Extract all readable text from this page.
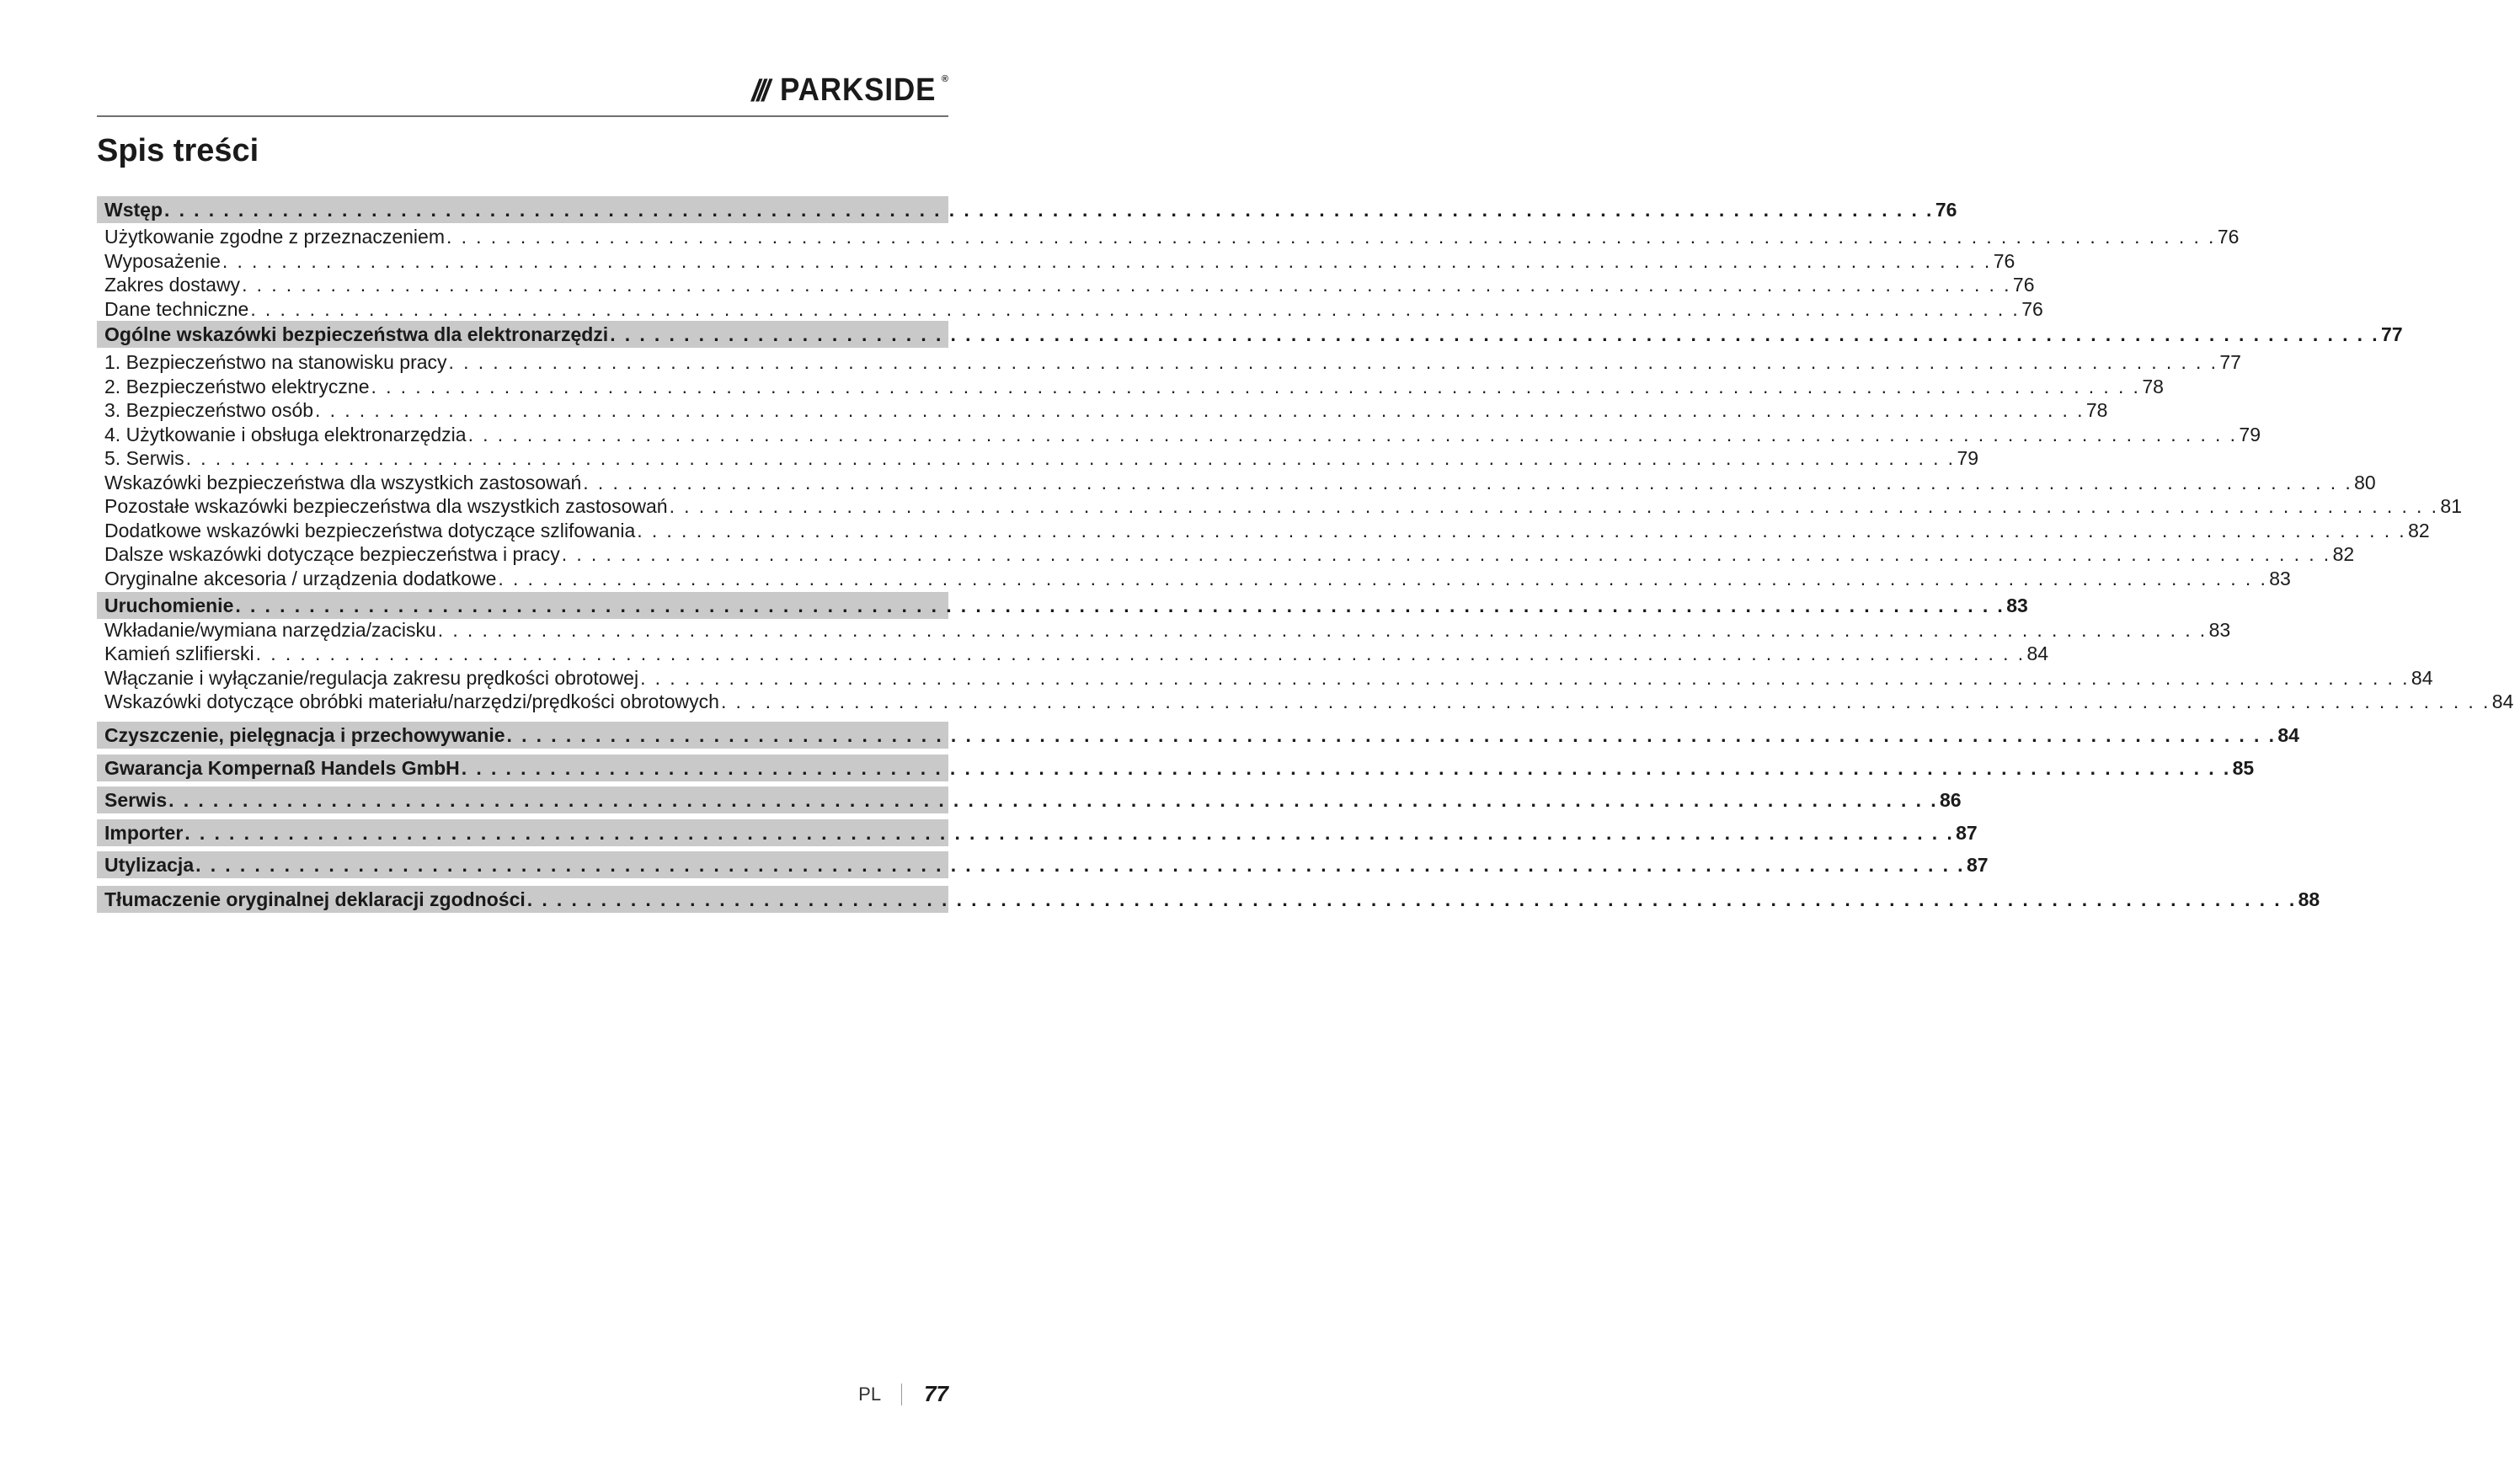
/// PARKSIDE ®
Spis treści
Wstęp . . . . . . . . . . . . . . . . . . . . . . . . . . . . . . . . . . . . . . . . . . . . . . . . . . . . . . . . . . . . . . . . . . . . . . . . . . . . . . . . . . . . . . . . . . . . . . . . . . . . . . . . . . . . . . . . . . . . . . . . 76
Użytkowanie zgodne z przeznaczeniem . . . . . . . . . . . . . . . . . . . . . . . . . . . . . . . . . . . . . . . . . . . . . . . . . . . . . . . . . . . . . . . . . . . . . . . . . . . . . . . . . . . . . . . . . . . . . . . . . . . . . . . . . . . . . . . . . . . . . . . . 76
Wyposażenie . . . . . . . . . . . . . . . . . . . . . . . . . . . . . . . . . . . . . . . . . . . . . . . . . . . . . . . . . . . . . . . . . . . . . . . . . . . . . . . . . . . . . . . . . . . . . . . . . . . . . . . . . . . . . . . . . . . . . . . . 76
Zakres dostawy . . . . . . . . . . . . . . . . . . . . . . . . . . . . . . . . . . . . . . . . . . . . . . . . . . . . . . . . . . . . . . . . . . . . . . . . . . . . . . . . . . . . . . . . . . . . . . . . . . . . . . . . . . . . . . . . . . . . . . . . 76
Dane techniczne . . . . . . . . . . . . . . . . . . . . . . . . . . . . . . . . . . . . . . . . . . . . . . . . . . . . . . . . . . . . . . . . . . . . . . . . . . . . . . . . . . . . . . . . . . . . . . . . . . . . . . . . . . . . . . . . . . . . . . . . 76
Ogólne wskazówki bezpieczeństwa dla elektronarzędzi . . . . . . . . . . . . . . . . . . . . . . . . . . . . . . . . . . . . . . . . . . . . . . . . . . . . . . . . . . . . . . . . . . . . . . . . . . . . . . . . . . . . . . . . . . . . . . . . . . . . . . . . . . . . . . . . . . . . . . . . 77
1. Bezpieczeństwo na stanowisku pracy . . . . . . . . . . . . . . . . . . . . . . . . . . . . . . . . . . . . . . . . . . . . . . . . . . . . . . . . . . . . . . . . . . . . . . . . . . . . . . . . . . . . . . . . . . . . . . . . . . . . . . . . . . . . . . . . . . . . . . . . 77
2. Bezpieczeństwo elektryczne . . . . . . . . . . . . . . . . . . . . . . . . . . . . . . . . . . . . . . . . . . . . . . . . . . . . . . . . . . . . . . . . . . . . . . . . . . . . . . . . . . . . . . . . . . . . . . . . . . . . . . . . . . . . . . . . . . . . . . . . 78
3. Bezpieczeństwo osób . . . . . . . . . . . . . . . . . . . . . . . . . . . . . . . . . . . . . . . . . . . . . . . . . . . . . . . . . . . . . . . . . . . . . . . . . . . . . . . . . . . . . . . . . . . . . . . . . . . . . . . . . . . . . . . . . . . . . . . . 78
4. Użytkowanie i obsługa elektronarzędzia . . . . . . . . . . . . . . . . . . . . . . . . . . . . . . . . . . . . . . . . . . . . . . . . . . . . . . . . . . . . . . . . . . . . . . . . . . . . . . . . . . . . . . . . . . . . . . . . . . . . . . . . . . . . . . . . . . . . . . . . 79
5. Serwis . . . . . . . . . . . . . . . . . . . . . . . . . . . . . . . . . . . . . . . . . . . . . . . . . . . . . . . . . . . . . . . . . . . . . . . . . . . . . . . . . . . . . . . . . . . . . . . . . . . . . . . . . . . . . . . . . . . . . . . . 79
Wskazówki bezpieczeństwa dla wszystkich zastosowań . . . . . . . . . . . . . . . . . . . . . . . . . . . . . . . . . . . . . . . . . . . . . . . . . . . . . . . . . . . . . . . . . . . . . . . . . . . . . . . . . . . . . . . . . . . . . . . . . . . . . . . . . . . . . . . . . . . . . . . . 80
Pozostałe wskazówki bezpieczeństwa dla wszystkich zastosowań . . . . . . . . . . . . . . . . . . . . . . . . . . . . . . . . . . . . . . . . . . . . . . . . . . . . . . . . . . . . . . . . . . . . . . . . . . . . . . . . . . . . . . . . . . . . . . . . . . . . . . . . . . . . . . . . . . . . . . . . 81
Dodatkowe wskazówki bezpieczeństwa dotyczące szlifowania . . . . . . . . . . . . . . . . . . . . . . . . . . . . . . . . . . . . . . . . . . . . . . . . . . . . . . . . . . . . . . . . . . . . . . . . . . . . . . . . . . . . . . . . . . . . . . . . . . . . . . . . . . . . . . . . . . . . . . . . 82
Dalsze wskazówki dotyczące bezpieczeństwa i pracy . . . . . . . . . . . . . . . . . . . . . . . . . . . . . . . . . . . . . . . . . . . . . . . . . . . . . . . . . . . . . . . . . . . . . . . . . . . . . . . . . . . . . . . . . . . . . . . . . . . . . . . . . . . . . . . . . . . . . . . . 82
Oryginalne akcesoria / urządzenia dodatkowe . . . . . . . . . . . . . . . . . . . . . . . . . . . . . . . . . . . . . . . . . . . . . . . . . . . . . . . . . . . . . . . . . . . . . . . . . . . . . . . . . . . . . . . . . . . . . . . . . . . . . . . . . . . . . . . . . . . . . . . . 83
Uruchomienie . . . . . . . . . . . . . . . . . . . . . . . . . . . . . . . . . . . . . . . . . . . . . . . . . . . . . . . . . . . . . . . . . . . . . . . . . . . . . . . . . . . . . . . . . . . . . . . . . . . . . . . . . . . . . . . . . . . . . . . . 83
Wkładanie/wymiana narzędzia/zacisku . . . . . . . . . . . . . . . . . . . . . . . . . . . . . . . . . . . . . . . . . . . . . . . . . . . . . . . . . . . . . . . . . . . . . . . . . . . . . . . . . . . . . . . . . . . . . . . . . . . . . . . . . . . . . . . . . . . . . . . . 83
Kamień szlifierski . . . . . . . . . . . . . . . . . . . . . . . . . . . . . . . . . . . . . . . . . . . . . . . . . . . . . . . . . . . . . . . . . . . . . . . . . . . . . . . . . . . . . . . . . . . . . . . . . . . . . . . . . . . . . . . . . . . . . . . . 84
Włączanie i wyłączanie/regulacja zakresu prędkości obrotowej . . . . . . . . . . . . . . . . . . . . . . . . . . . . . . . . . . . . . . . . . . . . . . . . . . . . . . . . . . . . . . . . . . . . . . . . . . . . . . . . . . . . . . . . . . . . . . . . . . . . . . . . . . . . . . . . . . . . . . . . 84
Wskazówki dotyczące obróbki materiału/narzędzi/prędkości obrotowych . . . . . . . . . . . . . . . . . . . . . . . . . . . . . . . . . . . . . . . . . . . . . . . . . . . . . . . . . . . . . . . . . . . . . . . . . . . . . . . . . . . . . . . . . . . . . . . . . . . . . . . . . . . . . . . . . . . . . . . . 84
Czyszczenie, pielęgnacja i przechowywanie . . . . . . . . . . . . . . . . . . . . . . . . . . . . . . . . . . . . . . . . . . . . . . . . . . . . . . . . . . . . . . . . . . . . . . . . . . . . . . . . . . . . . . . . . . . . . . . . . . . . . . . . . . . . . . . . . . . . . . . . 84
Gwarancja Kompernaß Handels GmbH . . . . . . . . . . . . . . . . . . . . . . . . . . . . . . . . . . . . . . . . . . . . . . . . . . . . . . . . . . . . . . . . . . . . . . . . . . . . . . . . . . . . . . . . . . . . . . . . . . . . . . . . . . . . . . . . . . . . . . . . 85
Serwis . . . . . . . . . . . . . . . . . . . . . . . . . . . . . . . . . . . . . . . . . . . . . . . . . . . . . . . . . . . . . . . . . . . . . . . . . . . . . . . . . . . . . . . . . . . . . . . . . . . . . . . . . . . . . . . . . . . . . . . . 86
Importer . . . . . . . . . . . . . . . . . . . . . . . . . . . . . . . . . . . . . . . . . . . . . . . . . . . . . . . . . . . . . . . . . . . . . . . . . . . . . . . . . . . . . . . . . . . . . . . . . . . . . . . . . . . . . . . . . . . . . . . . 87
Utylizacja . . . . . . . . . . . . . . . . . . . . . . . . . . . . . . . . . . . . . . . . . . . . . . . . . . . . . . . . . . . . . . . . . . . . . . . . . . . . . . . . . . . . . . . . . . . . . . . . . . . . . . . . . . . . . . . . . . . . . . . . 87
Tłumaczenie oryginalnej deklaracji zgodności . . . . . . . . . . . . . . . . . . . . . . . . . . . . . . . . . . . . . . . . . . . . . . . . . . . . . . . . . . . . . . . . . . . . . . . . . . . . . . . . . . . . . . . . . . . . . . . . . . . . . . . . . . . . . . . . . . . . . . . . 88
PL 77
